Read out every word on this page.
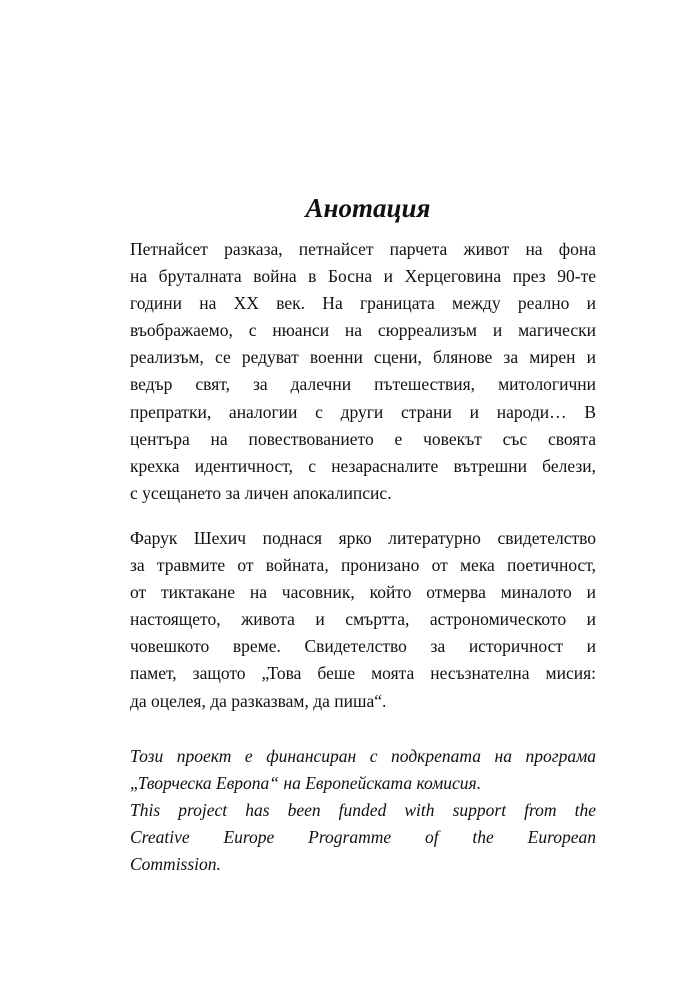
Анотация
Петнайсет разказа, петнайсет парчета живот на фона
на бруталната война в Босна и Херцеговина през 90-те
години на XX век. На границата между реално и
въображаемо, с нюанси на сюрреализъм и магически
реализъм, се редуват военни сцени, блянове за мирен и
ведър свят, за далечни пътешествия, митологични
препратки, аналогии с други страни и народи… В
центъра на повествованието е човекът със своята
крехка идентичност, с незарасналите вътрешни белези,
с усещането за личен апокалипсис.
Фарук Шехич поднася ярко литературно свидетелство
за травмите от войната, пронизано от мека поетичност,
от тиктакане на часовник, който отмерва миналото и
настоящето, живота и смъртта, астрономическото и
човешкото време. Свидетелство за историчност и
памет, защото „Това беше моята несъзнателна мисия:
да оцелея, да разказвам, да пиша“.
Този проект е финансиран с подкрепата на програма
„Творческа Европа“ на Европейската комисия.
This project has been funded with support from the
Creative Europe Programme of the European
Commission.
